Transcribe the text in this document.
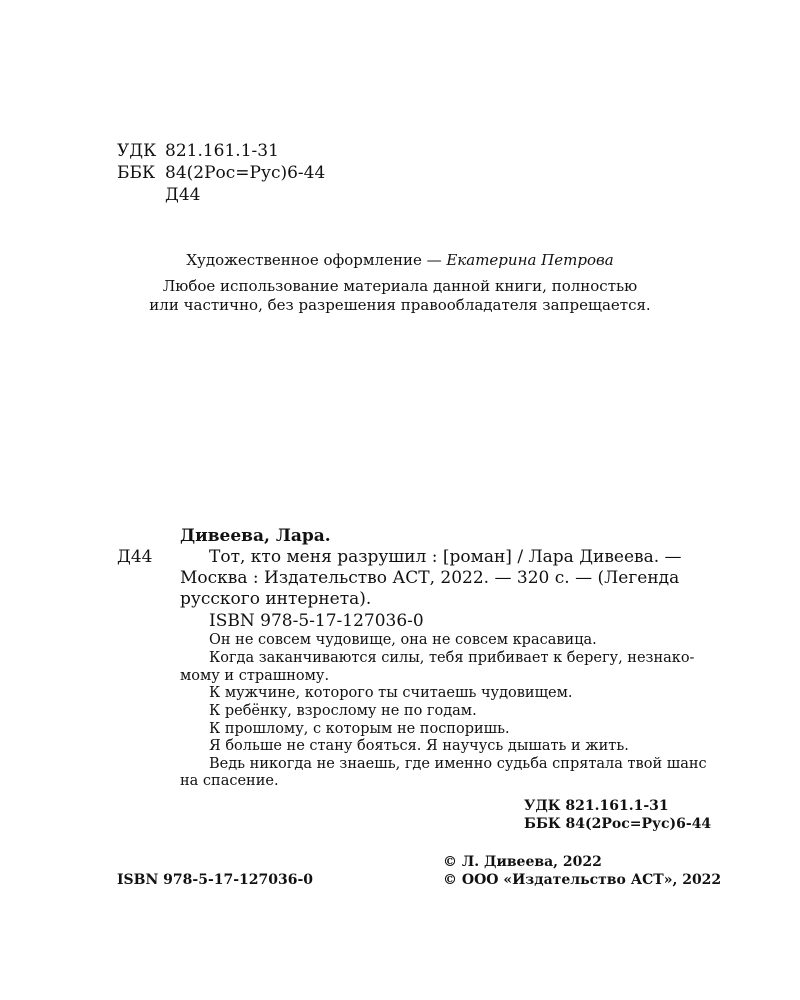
УДК 821.161.1-31
ББК 84(2Рос=Рус)6-44
Д44
Художественное оформление — Екатерина Петрова
Любое использование материала данной книги, полностью
или частично, без разрешения правообладателя запрещается.
Дивеева, Лара.
Д44	Тот, кто меня разрушил : [роман] / Лара Дивеева. —
Москва : Издательство АСТ, 2022. — 320 с. — (Легенда
русского интернета).
ISBN 978-5-17-127036-0
Он не совсем чудовище, она не совсем красавица.
Когда заканчиваются силы, тебя прибивает к берегу, незнако-
мому и страшному.
К мужчине, которого ты считаешь чудовищем.
К ребёнку, взрослому не по годам.
К прошлому, с которым не поспоришь.
Я больше не стану бояться. Я научусь дышать и жить.
Ведь никогда не знаешь, где именно судьба спрятала твой шанс
на спасение.
УДК 821.161.1-31
ББК 84(2Рос=Рус)6-44
© Л. Дивеева, 2022
ISBN 978-5-17-127036-0	© ООО «Издательство АСТ», 2022
